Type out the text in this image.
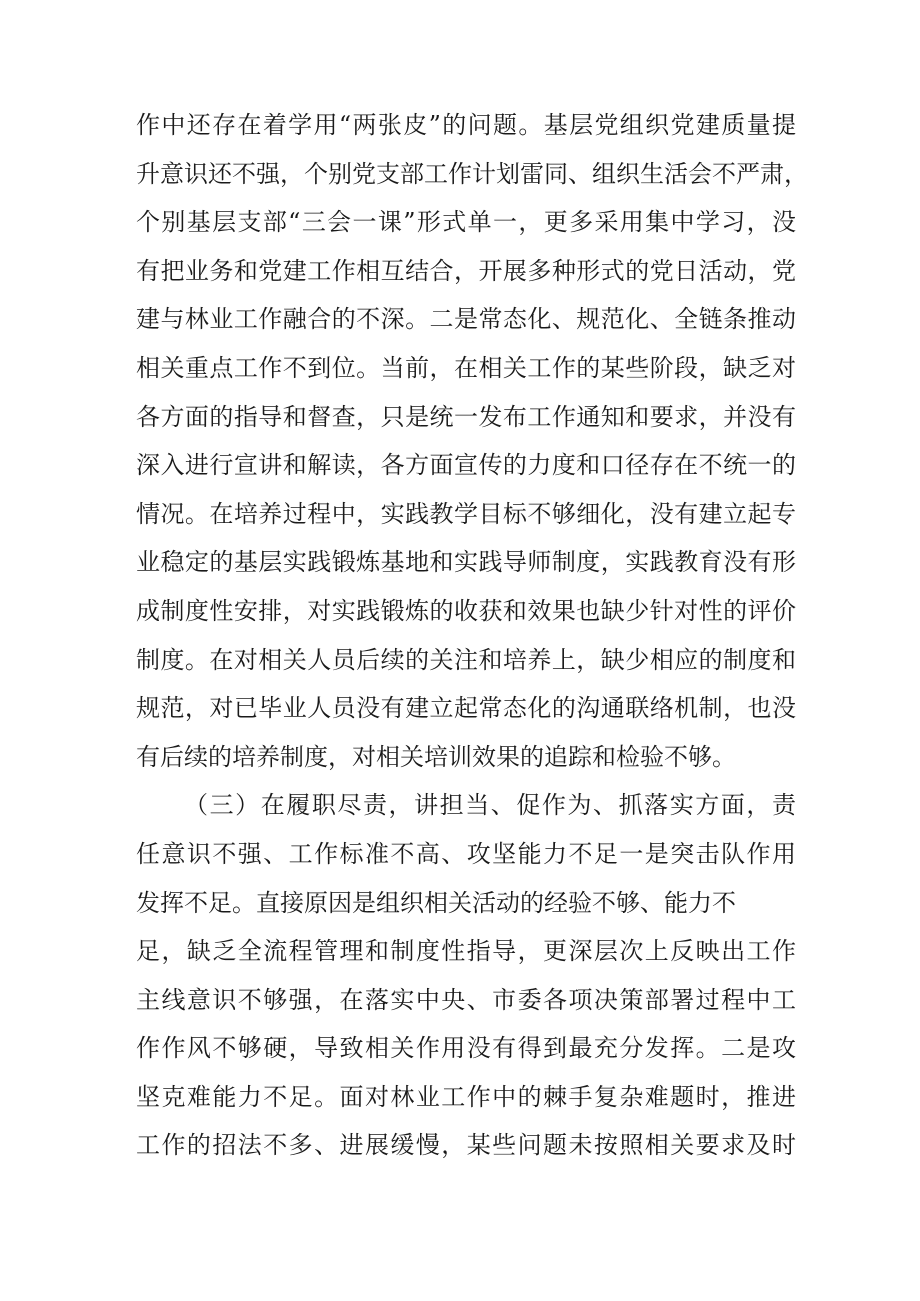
作中还存在着学用“两张皮”的问题。基层党组织党建质量提
升意识还不强，个别党支部工作计划雷同、组织生活会不严肃，
个别基层支部“三会一课”形式单一，更多采用集中学习，没
有把业务和党建工作相互结合，开展多种形式的党日活动，党
建与林业工作融合的不深。二是常态化、规范化、全链条推动
相关重点工作不到位。当前，在相关工作的某些阶段，缺乏对
各方面的指导和督查，只是统一发布工作通知和要求，并没有
深入进行宣讲和解读，各方面宣传的力度和口径存在不统一的
情况。在培养过程中，实践教学目标不够细化，没有建立起专
业稳定的基层实践锻炼基地和实践导师制度，实践教育没有形
成制度性安排，对实践锻炼的收获和效果也缺少针对性的评价
制度。在对相关人员后续的关注和培养上，缺少相应的制度和
规范，对已毕业人员没有建立起常态化的沟通联络机制，也没
有后续的培养制度，对相关培训效果的追踪和检验不够。
（三）在履职尽责，讲担当、促作为、抓落实方面，责
任意识不强、工作标准不高、攻坚能力不足一是突击队作用
发挥不足。直接原因是组织相关活动的经验不够、能力不
足，缺乏全流程管理和制度性指导，更深层次上反映出工作
主线意识不够强，在落实中央、市委各项决策部署过程中工
作作风不够硬，导致相关作用没有得到最充分发挥。二是攻
坚克难能力不足。面对林业工作中的棘手复杂难题时，推进
工作的招法不多、进展缓慢，某些问题未按照相关要求及时
